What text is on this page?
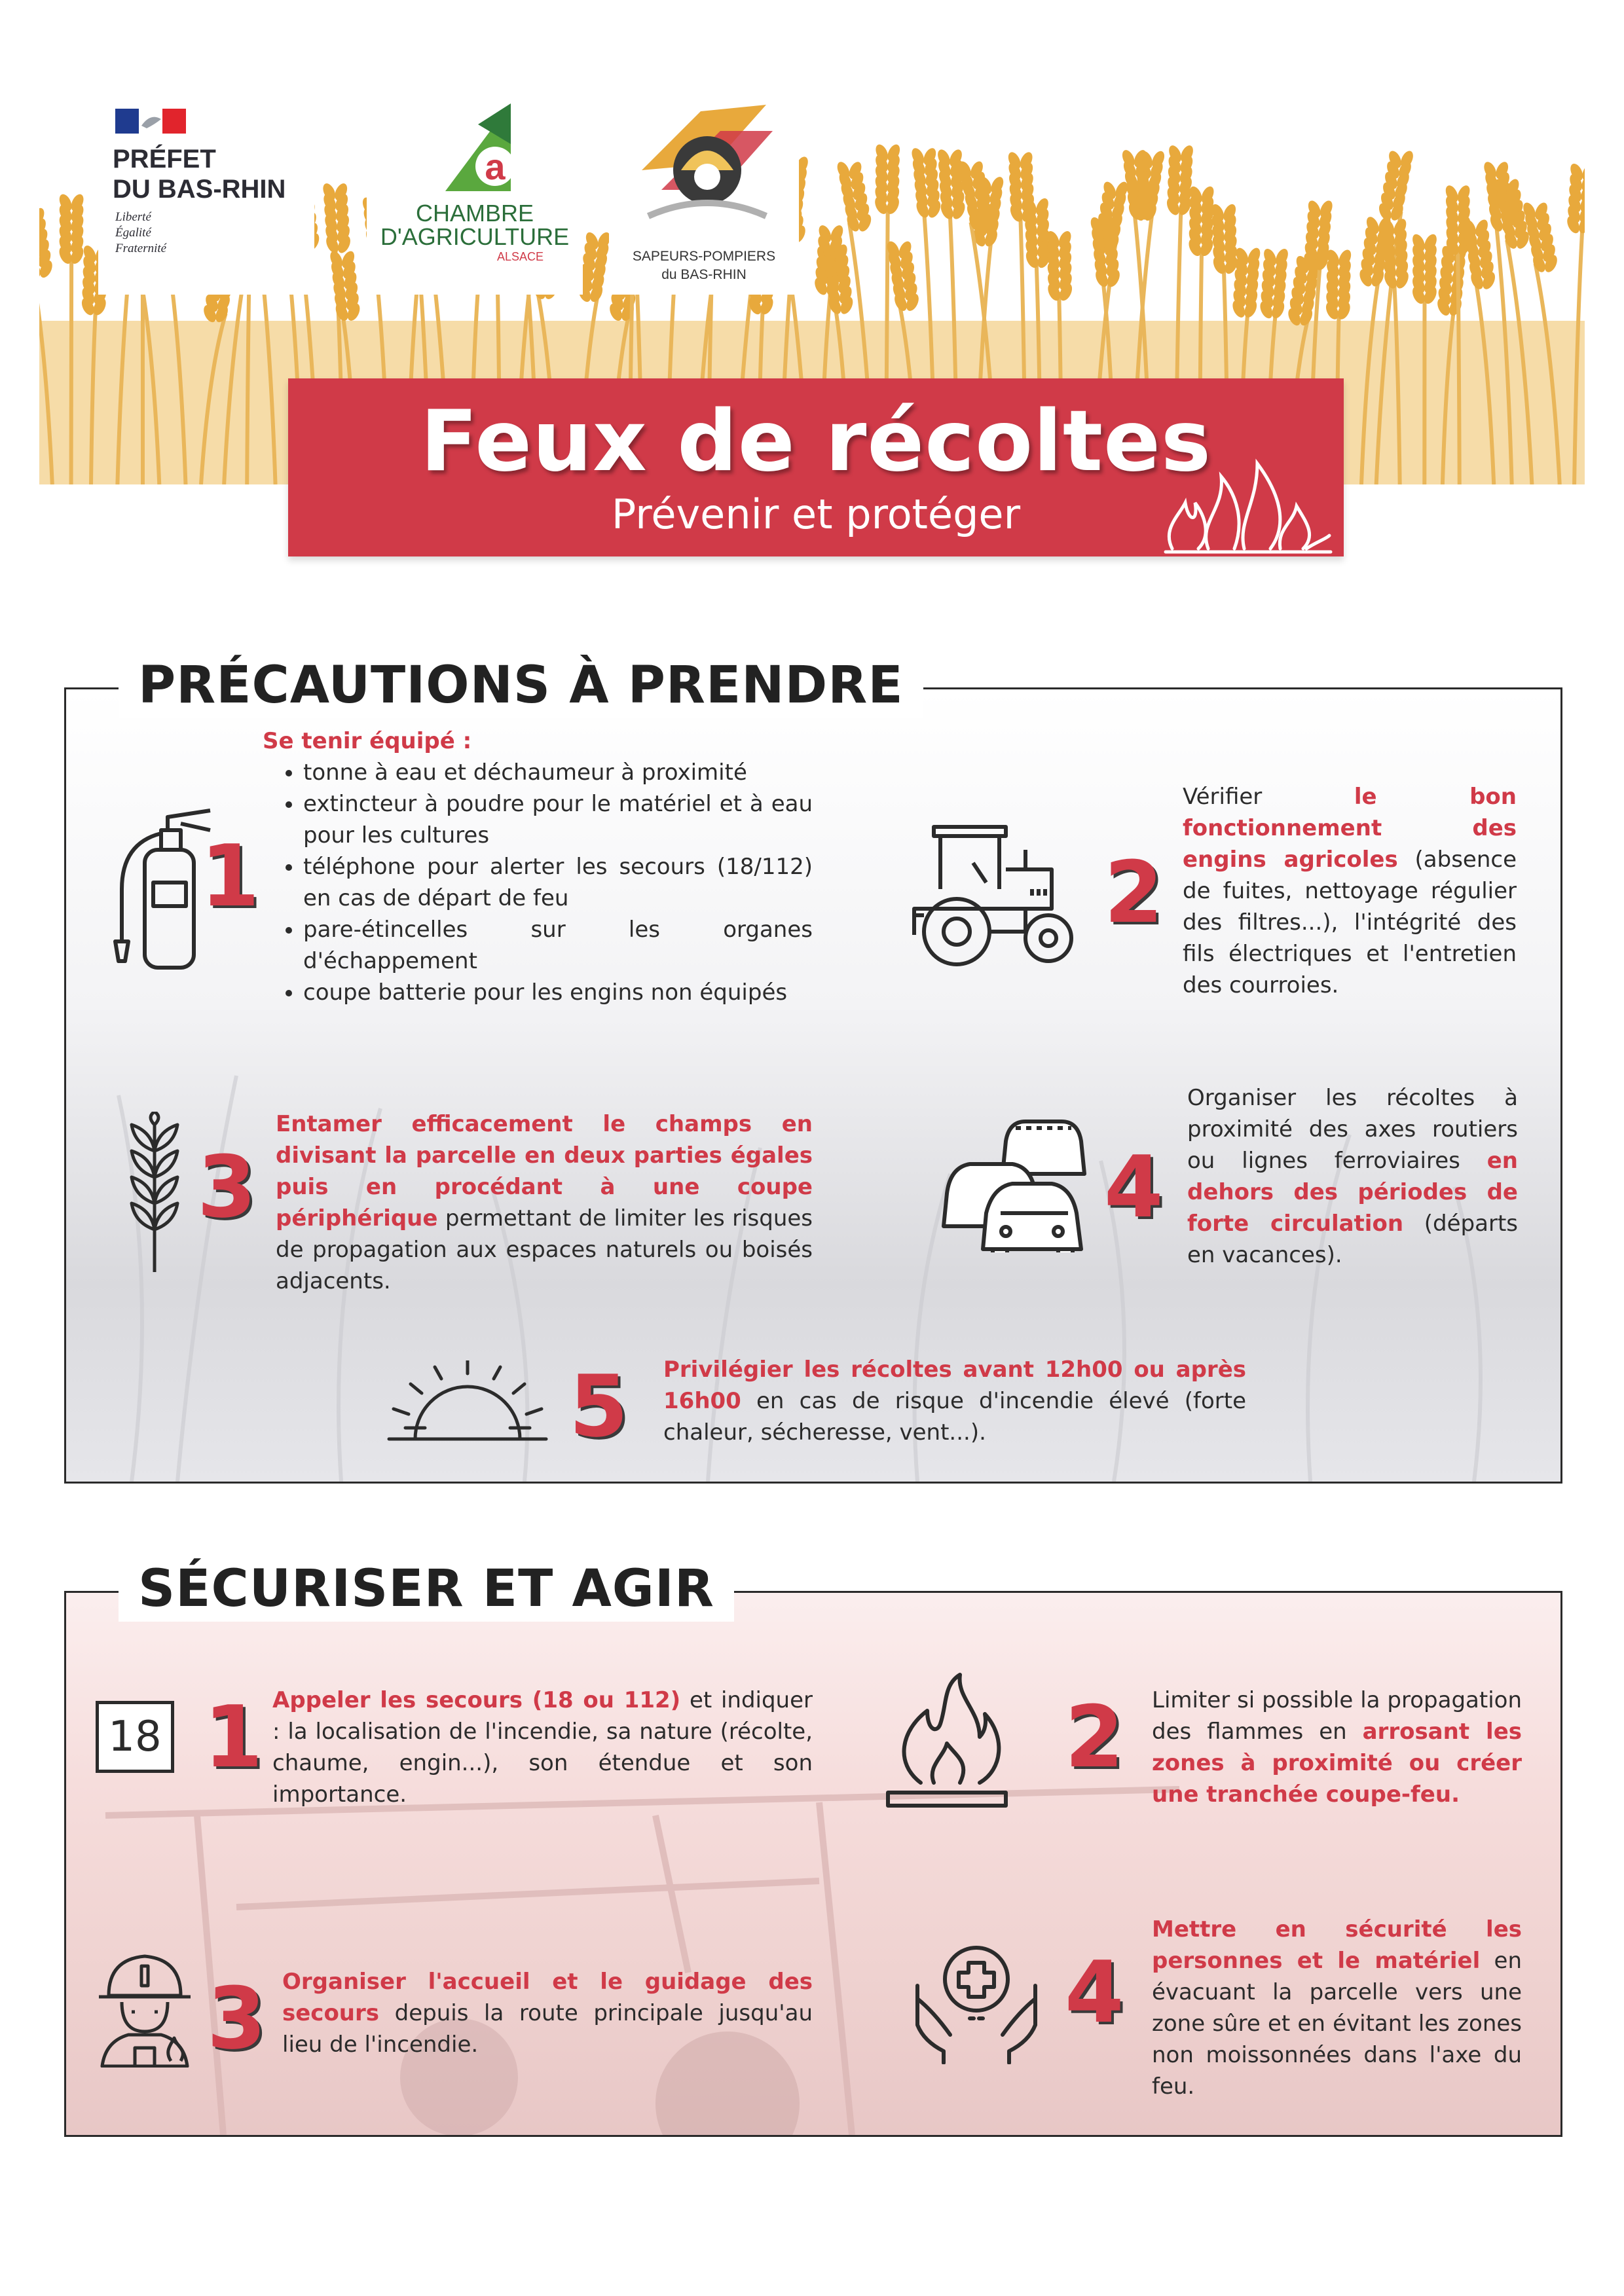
PRÉFET
DU BAS-RHIN
Liberté
Égalité
Fraternité
a
CHAMBRE
D'AGRICULTURE
ALSACE	SAPEURS-POMPIERS
du BAS-RHIN
Feux de récoltes
Prévenir et protéger
1
Se tenir équipé :
• tonne à eau et déchaumeur à proximité
• extincteur à poudre pour le matériel et à eau pour les cultures
• téléphone pour alerter les secours (18/112) en cas de départ de feu
• pare-étincelles sur les organes d'échappement
• coupe batterie pour les engins non équipés
2
Vérifier le bon fonctionnement des engins agricoles (absence de fuites, nettoyage régulier des filtres...), l'intégrité des fils électriques et l'entretien des courroies.
3
Entamer efficacement le champs en divisant la parcelle en deux parties égales puis en procédant à une coupe périphérique permettant de limiter les risques de propagation aux espaces naturels ou boisés adjacents.
4
Organiser les récoltes à proximité des axes routiers ou lignes ferroviaires en dehors des périodes de forte circulation (départs en vacances).
5 Privilégier les récoltes avant 12h00 ou après 16h00 en cas de risque d'incendie élevé (forte chaleur, sécheresse, vent...).
PRÉCAUTIONS À PRENDRE
18 1 Appeler les secours (18 ou 112) et indiquer : la localisation de l'incendie, sa nature (récolte, chaume, engin...), son étendue et son importance.
2 Limiter si possible la propagation des flammes en arrosant les zones à proximité ou créer une tranchée coupe-feu.
3 Organiser l'accueil et le guidage des secours depuis la route principale jusqu'au lieu de l'incendie.
4
Mettre en sécurité les personnes et le matériel en évacuant la parcelle vers une zone sûre et en évitant les zones non moissonnées dans l'axe du feu.
SÉCURISER ET AGIR
